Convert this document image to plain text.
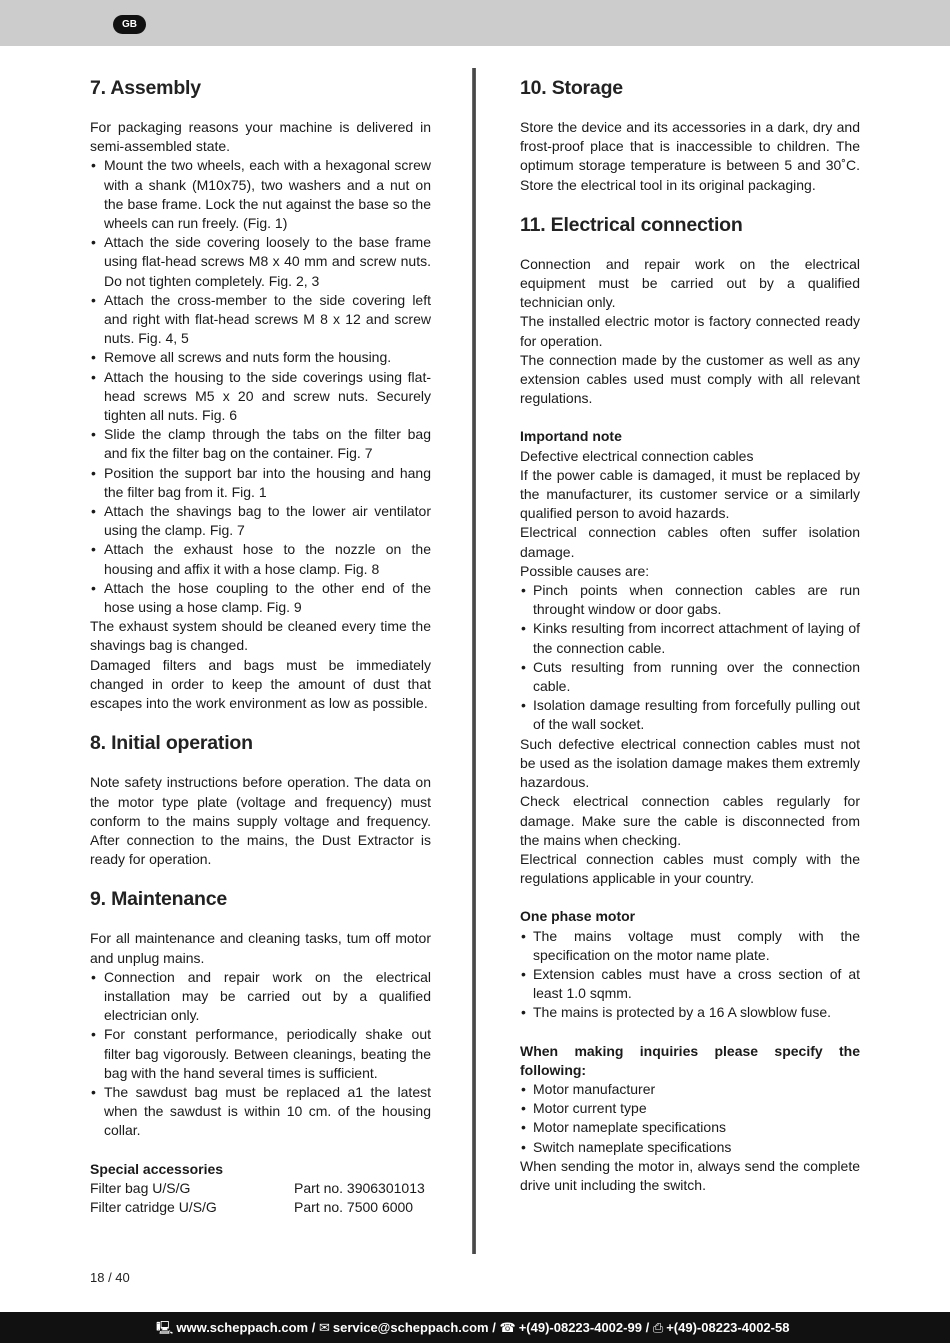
GB
7. Assembly

For packaging reasons your machine is delivered in semi-assembled state.

• Mount the two wheels, each with a hexagonal screw with a shank (M10x75), two washers and a nut on the base frame. Lock the nut against the base so the wheels can run freely. (Fig. 1)
• Attach the side covering loosely to the base frame using flat-head screws M8 x 40 mm and screw nuts. Do not tighten completely. Fig. 2, 3
• Attach the cross-member to the side covering left and right with flat-head screws M 8 x 12 and screw nuts. Fig. 4, 5
• Remove all screws and nuts form the housing.
• Attach the housing to the side coverings using flat-head screws M5 x 20 and screw nuts. Securely tighten all nuts. Fig. 6
• Slide the clamp through the tabs on the filter bag and fix the filter bag on the container. Fig. 7
• Position the support bar into the housing and hang the filter bag from it. Fig. 1
• Attach the shavings bag to the lower air ventilator using the clamp. Fig. 7
• Attach the exhaust hose to the nozzle on the housing and affix it with a hose clamp. Fig. 8
• Attach the hose coupling to the other end of the hose using a hose clamp. Fig. 9

The exhaust system should be cleaned every time the shavings bag is changed.

Damaged filters and bags must be immediately changed in order to keep the amount of dust that escapes into the work environment as low as possible.

8. Initial operation

Note safety instructions before operation. The data on the motor type plate (voltage and frequency) must conform to the mains supply voltage and frequency. After connection to the mains, the Dust Extractor is ready for operation.

9. Maintenance

For all maintenance and cleaning tasks, tum off motor and unplug mains.

• Connection and repair work on the electrical installation may be carried out by a qualified electrician only.
• For constant performance, periodically shake out filter bag vigorously. Between cleanings, beating the bag with the hand several times is sufficient.
• The sawdust bag must be replaced a1 the latest when the sawdust is within 10 cm. of the housing collar.

Special accessories

Filter bag U/S/G	Part no. 3906301013
Filter catridge U/S/G	Part no. 7500 6000
10. Storage

Store the device and its accessories in a dark, dry and frost-proof place that is inaccessible to children. The optimum storage temperature is between 5 and 30˚C. Store the electrical tool in its original packaging.

11. Electrical connection

Connection and repair work on the electrical equipment must be carried out by a qualified technician only.

The installed electric motor is factory connected ready for operation.

The connection made by the customer as well as any extension cables used must comply with all relevant regulations.

Importand note

Defective electrical connection cables

If the power cable is damaged, it must be replaced by the manufacturer, its customer service or a similarly qualified person to avoid hazards.

Electrical connection cables often suffer isolation damage.

Possible causes are:

• Pinch points when connection cables are run throught window or door gabs.
• Kinks resulting from incorrect attachment of laying of the connection cable.
• Cuts resulting from running over the connection cable.
• Isolation damage resulting from forcefully pulling out of the wall socket.

Such defective electrical connection cables must not be used as the isolation damage makes them extremly hazardous.

Check electrical connection cables regularly for damage. Make sure the cable is disconnected from the mains when checking.

Electrical connection cables must comply with the regulations applicable in your country.

One phase motor

• The mains voltage must comply with the specification on the motor name plate.
• Extension cables must have a cross section of at least 1.0 sqmm.
• The mains is protected by a 16 A slowblow fuse.

When making inquiries please specify the following:

• Motor manufacturer
• Motor current type
• Motor nameplate specifications
• Switch nameplate specifications

When sending the motor in, always send the complete drive unit including the switch.

18 / 40
🖳 www.scheppach.com / ✉ service@scheppach.com / ☎ +(49)-08223-4002-99 / ⎙ +(49)-08223-4002-58
